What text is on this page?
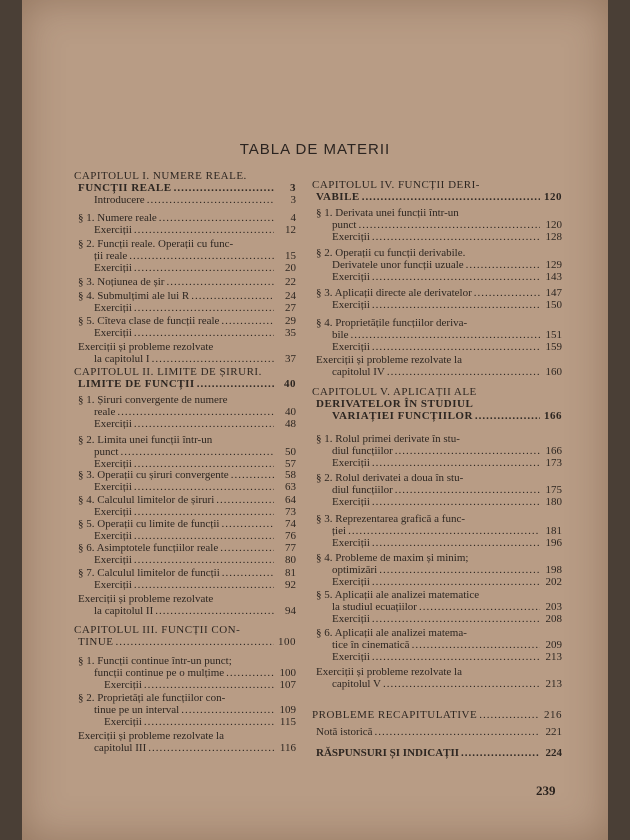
TABLA DE MATERII
CAPITOLUL I. NUMERE REALE.
FUNCȚII REALE .....	3
Introducere .....	3
§ 1. Numere reale .....	4
Exerciții .....	12
§ 2. Funcții reale. Operații cu func-
ții reale .....	15
Exerciții .....	20
§ 3. Noțiunea de șir .....	22
§ 4. Submulțimi ale lui R .....	24
Exerciții .....	27
§ 5. Cîteva clase de funcții reale .....	29
Exerciții .....	35
Exerciții și probleme rezolvate
la capitolul I .....	37
CAPITOLUL II. LIMITE DE ȘIRURI.
LIMITE DE FUNCȚII .....	40
§ 1. Șiruri convergente de numere
reale .....	40
Exerciții .....	48
§ 2. Limita unei funcții într-un
punct .....	50
Exerciții .....	57
§ 3. Operații cu șiruri convergente .....	58
Exerciții .....	63
§ 4. Calculul limitelor de șiruri .....	64
Exerciții .....	73
§ 5. Operații cu limite de funcții .....	74
Exerciții .....	76
§ 6. Asimptotele funcțiilor reale .....	77
Exerciții .....	80
§ 7. Calculul limitelor de funcții .....	81
Exerciții .....	92
Exerciții și probleme rezolvate
la capitolul II .....	94
CAPITOLUL III. FUNCȚII CON-
TINUE .....	100
§ 1. Funcții continue într-un punct;
funcții continue pe o mulțime .....	100
Exerciții .....	107
§ 2. Proprietăți ale funcțiilor con-
tinue pe un interval .....	109
Exerciții .....	115
Exerciții și probleme rezolvate la
capitolul III .....	116
CAPITOLUL IV. FUNCȚII DERI-
VABILE .....	120
§ 1. Derivata unei funcții într-un
punct .....	120
Exerciții .....	128
§ 2. Operații cu funcții derivabile.
Derivatele unor funcții uzuale .....	129
Exerciții .....	143
§ 3. Aplicații directe ale derivatelor .....	147
Exerciții .....	150
§ 4. Proprietățile funcțiilor deriva-
bile .....	151
Exerciții .....	159
Exerciții și probleme rezolvate la
capitolul IV .....	160
CAPITOLUL V. APLICAȚII ALE
DERIVATELOR ÎN STUDIUL
VARIAȚIEI FUNCȚIILOR .....	166
§ 1. Rolul primei derivate în stu-
diul funcțiilor .....	166
Exerciții .....	173
§ 2. Rolul derivatei a doua în stu-
diul funcțiilor .....	175
Exerciții .....	180
§ 3. Reprezentarea grafică a func-
ției .....	181
Exerciții .....	196
§ 4. Probleme de maxim și minim;
optimizări .....	198
Exerciții .....	202
§ 5. Aplicații ale analizei matematice
la studiul ecuațiilor .....	203
Exerciții .....	208
§ 6. Aplicații ale analizei matema-
tice în cinematică .....	209
Exerciții .....	213
Exerciții și probleme rezolvate la
capitolul V .....	213
PROBLEME RECAPITULATIVE .....	216
Notă istorică .....	221
RĂSPUNSURI ȘI INDICAȚII .....	224
239
